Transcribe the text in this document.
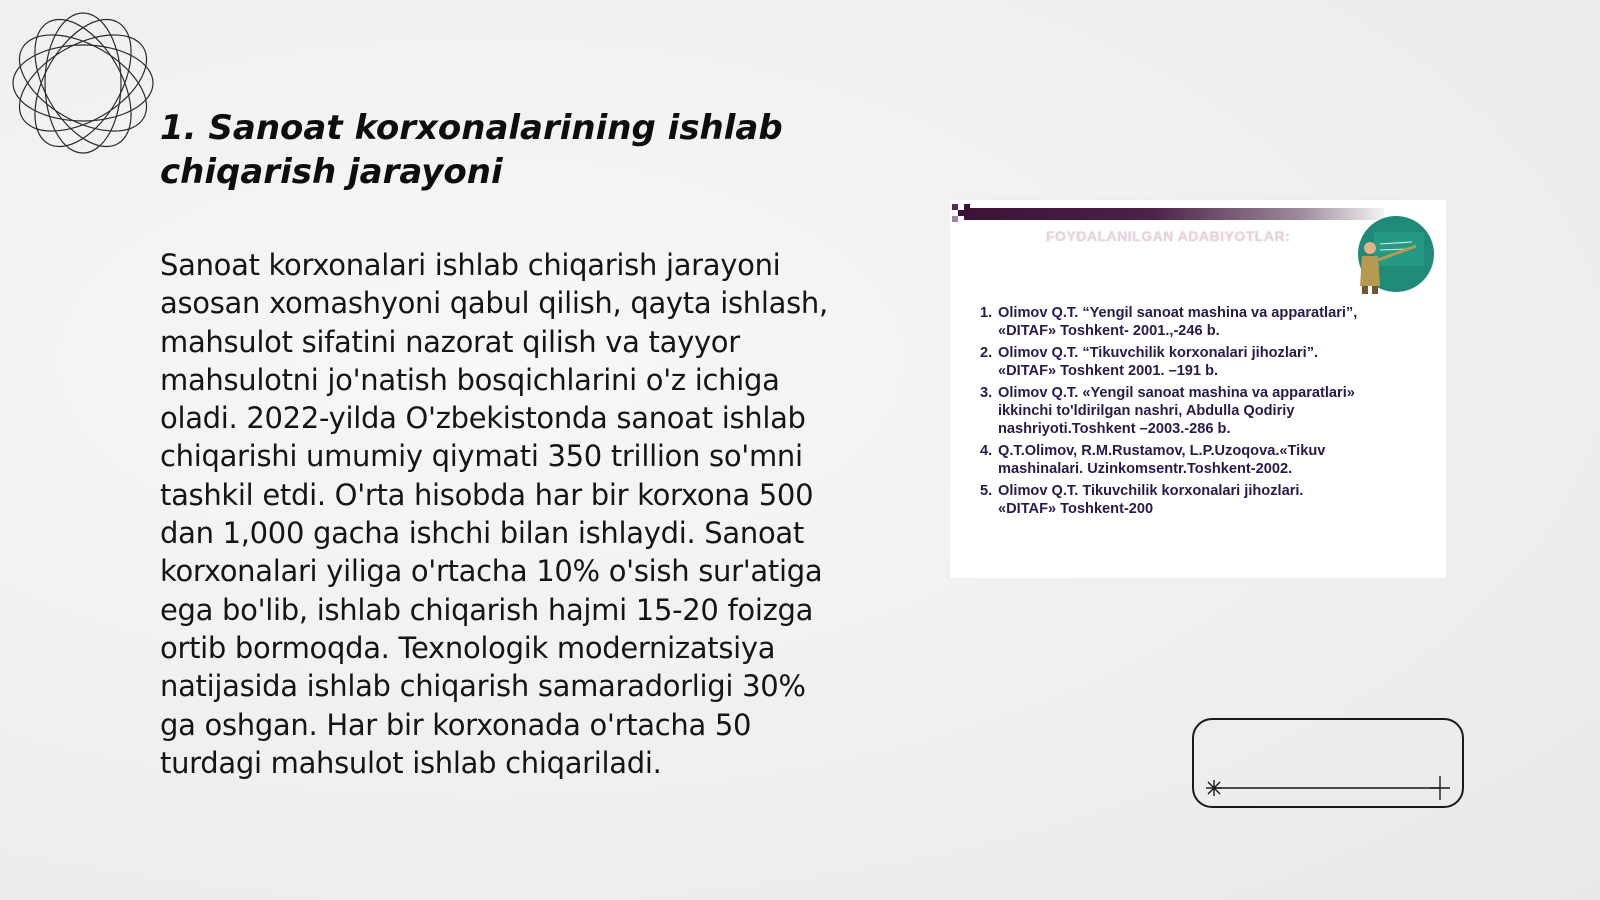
1. Sanoat korxonalarining ishlab
chiqarish jarayoni

Sanoat korxonalari ishlab chiqarish jarayoni asosan xomashyoni qabul qilish, qayta ishlash, mahsulot sifatini nazorat qilish va tayyor mahsulotni jo'natish bosqichlarini o'z ichiga oladi. 2022-yilda O'zbekistonda sanoat ishlab chiqarishi umumiy qiymati 350 trillion so'mni tashkil etdi. O'rta hisobda har bir korxona 500 dan 1,000 gacha ishchi bilan ishlaydi. Sanoat korxonalari yiliga o'rtacha 10% o'sish sur'atiga ega bo'lib, ishlab chiqarish hajmi 15-20 foizga ortib bormoqda. Texnologik modernizatsiya natijasida ishlab chiqarish samaradorligi 30% ga oshgan. Har bir korxonada o'rtacha 50 turdagi mahsulot ishlab chiqariladi.

FOYDALANILGAN ADABIYOTLAR:
1. Olimov Q.T. “Yengil sanoat mashina va apparatlari”,
«DITAF» Toshkent- 2001.,-246 b.
2. Olimov Q.T. “Tikuvchilik korxonalari jihozlari”.
«DITAF» Toshkent 2001. –191 b.
3. Olimov Q.T. «Yengil sanoat mashina va apparatlari»
ikkinchi to'ldirilgan nashri, Abdulla Qodiriy
nashriyoti.Toshkent –2003.-286 b.
4. Q.T.Olimov, R.M.Rustamov, L.P.Uzoqova.«Tikuv
mashinalari. Uzinkomsentr.Toshkent-2002.
5. Olimov Q.T. Tikuvchilik korxonalari jihozlari.
«DITAF» Toshkent-200
